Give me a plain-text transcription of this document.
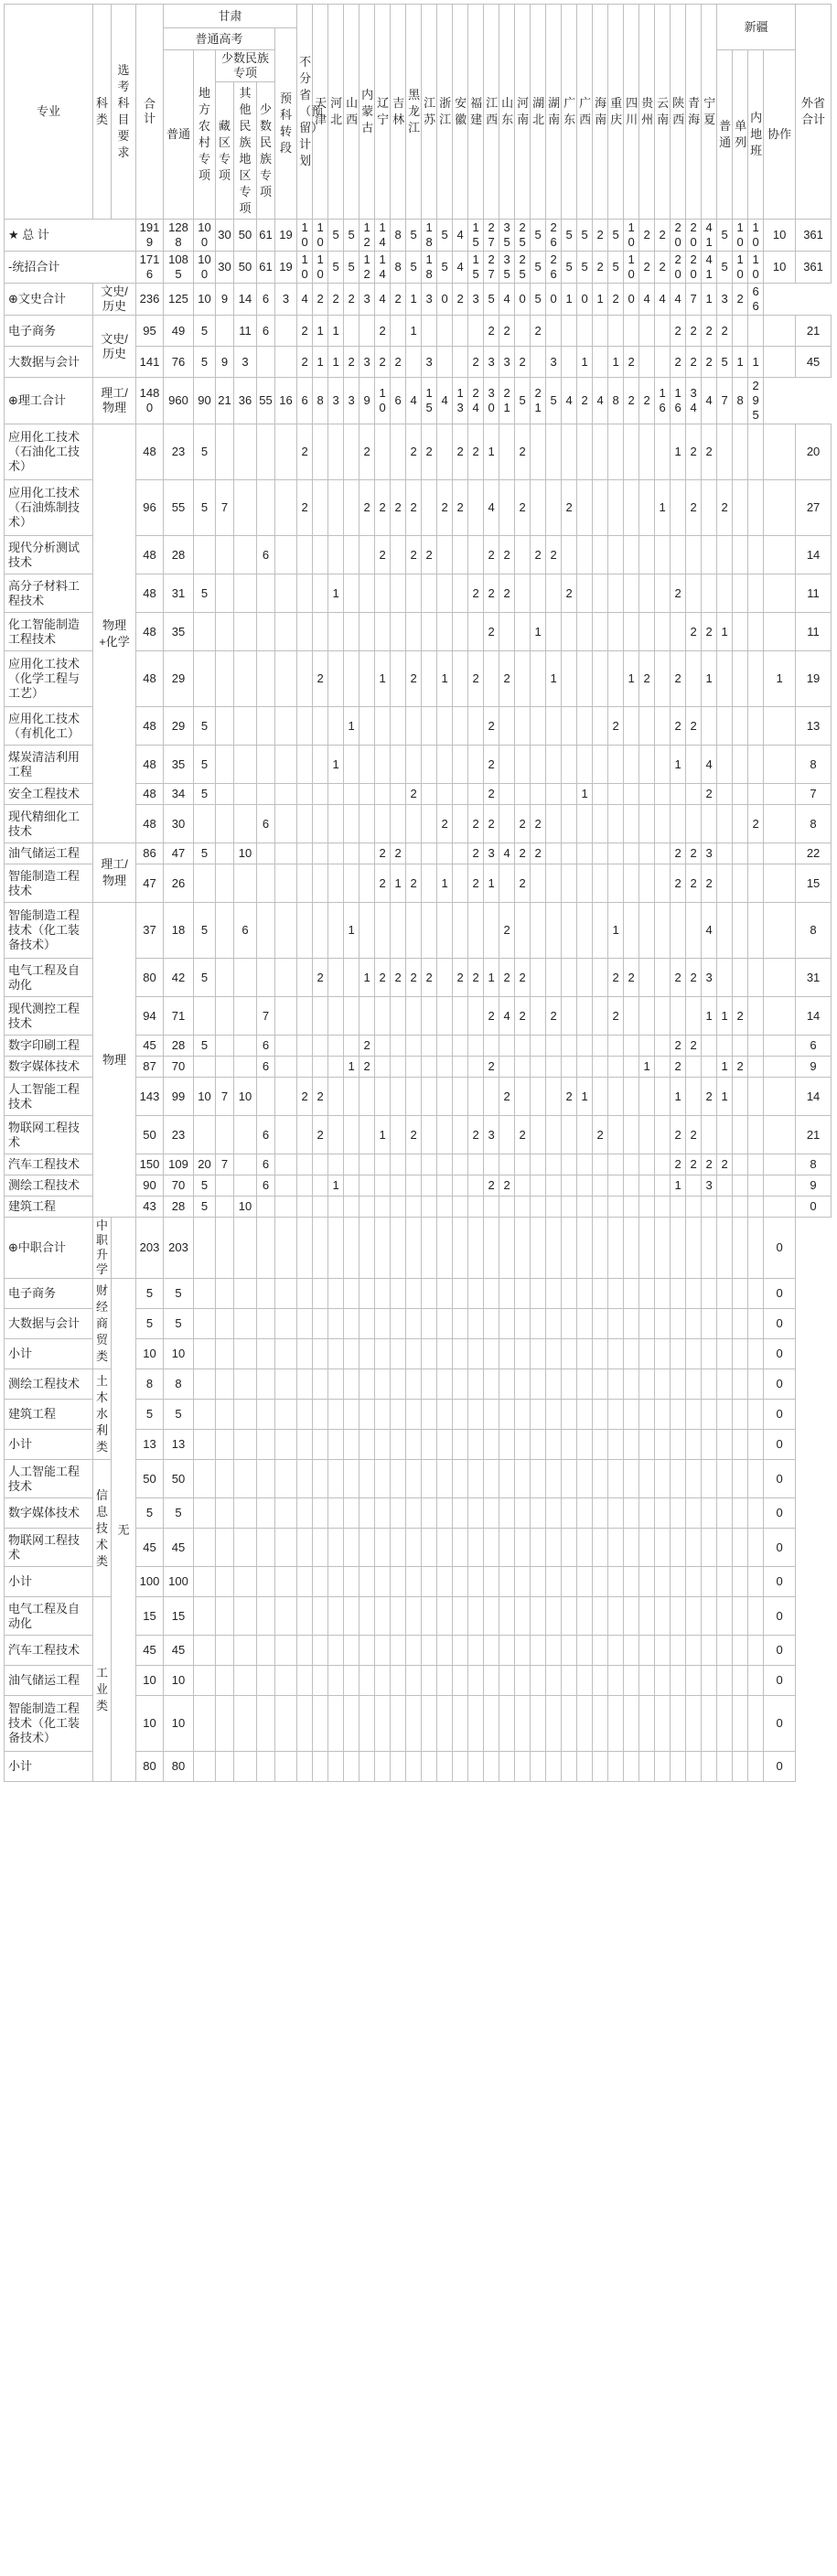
专业	科类	选考科目要求	合计	甘肃						不分省（预留）计划	天津	河北	山西	内蒙古	辽宁	吉林	黑龙江	江苏	浙江	安徽	福建	江西	山东	河南	湖北	湖南	广东	广西	海南	重庆	四川	贵州	云南	陕西	青海	宁夏	新疆				外省合计
				普通高考					预科转段																																
				普通	地方农村专项	少数民族专项																															普通	单列	内地班	协作	
						藏区专项	其他民族地区专项	少数民族专项																																	
★ 总 计			1919	1288	100	30	50	61	19	10	10	5	5	12	14	8	5	18	5	4	15	27	35	25	5	26	5	5	2	5	10	2	2	20	20	41	5	10	10	10	361
-统招合计			1716	1085	100	30	50	61	19	10	10	5	5	12	14	8	5	18	5	4	15	27	35	25	5	26	5	5	2	5	10	2	2	20	20	41	5	10	10	10	361
⊕文史合计	文史/历史		236	125	10	9	14	6	3	4	2	2	2	3	4	2	1	3	0	2	3	5	4	0	5	0	1	0	1	2	0	4	4	4	7	1	3	2	66		
电子商务	文史/历史		95	49	5		11	6		2	1	1			2		1					2	2		2									2	2	2	2				21
大数据与会计			141	76	5	9	3			2	1	1	2	3	2	2		3			2	3	3	2		3		1		1	2			2	2	2	5	1	1		45
⊕理工合计	理工/物理		1480	960	90	21	36	55	16	6	8	3	3	9	10	6	4	15	4	13	24	30	21	5	21	5	4	2	4	8	2	2	16	16	34	4	7	8	295		
应用化工技术（石油化工技术）	物理+化学		48	23	5					2				2			2	2		2	2	1		2										1	2	2					20
应用化工技术（石油炼制技术）			96	55	5	7				2				2	2	2	2		2	2		4		2			2						1		2		2				27
现代分析测试技术			48	28				6							2		2	2				2	2		2	2															14
高分子材料工程技术			48	31	5							1									2	2	2				2							2							11
化工智能制造工程技术			48	35																		2			1										2	2	1				11
应用化工技术（化学工程与工艺）			48	29							2				1		2		1		2		2			1					1	2		2		1				1	19
应用化工技术（有机化工）			48	29	5								1									2								2				2	2						13
煤炭清洁利用工程			48	35	5							1										2												1		4					8
安全工程技术			48	34	5												2					2						1								2					7
现代精细化工技术			48	30				6											2		2	2		2	2														2		8
油气储运工程	理工/物理		86	47	5		10								2	2					2	3	4	2	2									2	2	3					22
智能制造工程技术			47	26											2	1	2		1		2	1		2										2	2	2					15
智能制造工程技术（化工装备技术）	物理		37	18	5		6						1										2							1						4					8
电气工程及自动化			80	42	5						2			1	2	2	2	2		2	2	1	2	2						2	2			2	2	3					31
现代测控工程技术			94	71				7														2	4	2		2				2						1	1	2			14
数字印刷工程			45	28	5			6						2																				2	2						6
数字媒体技术			87	70				6					1	2								2										1		2			1	2			9
人工智能工程技术			143	99	10	7	10			2	2												2				2	1						1		2	1				14
物联网工程技术			50	23				6			2				1		2				2	3		2					2					2	2						21
汽车工程技术			150	109	20	7		6																										2	2	2	2				8
测绘工程技术			90	70	5			6				1										2	2											1		3					9
建筑工程			43	28	5		10																																		0
⊕中职合计	中职升学		203	203																																				0	
电子商务	财经商贸类	无	5	5																																				0	
大数据与会计			5	5																																				0	
小计			10	10																																				0	
测绘工程技术	土木水利类		8	8																																				0	
建筑工程			5	5																																				0	
小计			13	13																																				0	
人工智能工程技术	信息技术类		50	50																																				0	
数字媒体技术			5	5																																				0	
物联网工程技术			45	45																																				0	
小计			100	100																																				0	
电气工程及自动化	工业类		15	15																																				0	
汽车工程技术			45	45																																				0	
油气储运工程			10	10																																				0	
智能制造工程技术（化工装备技术）			10	10																																				0	
小计			80	80																																				0	
